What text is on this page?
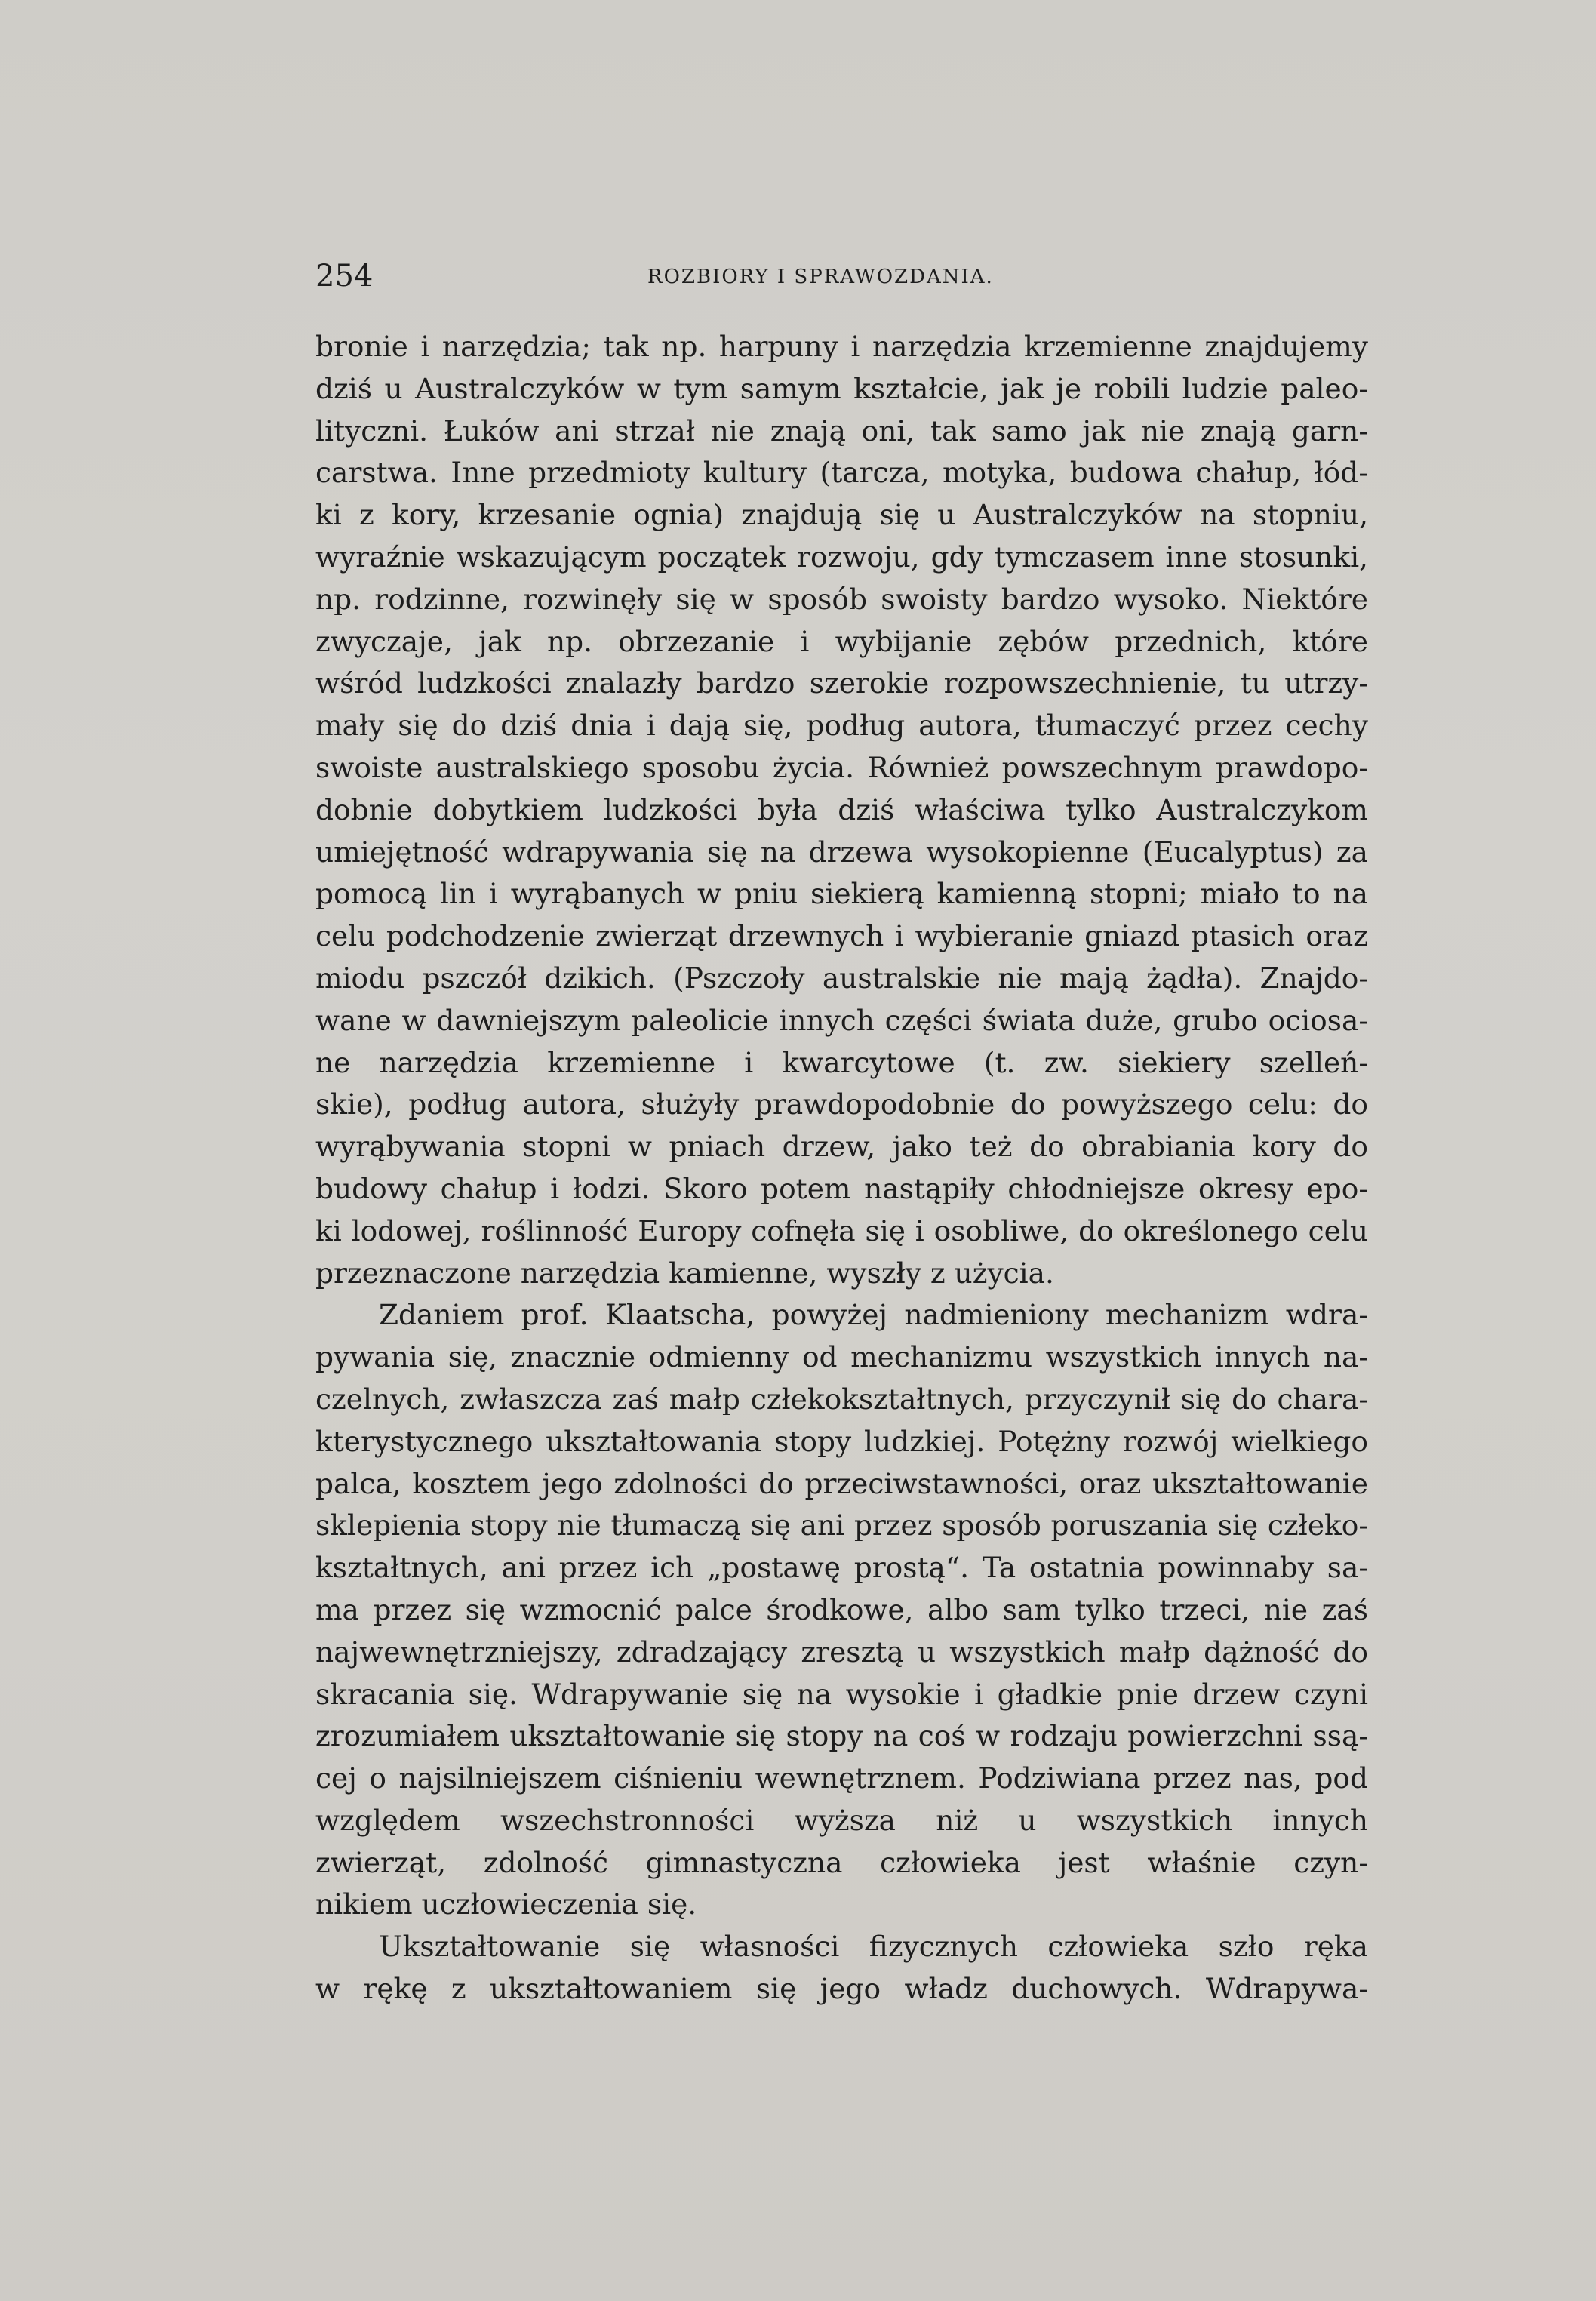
254	ROZBIORY I SPRAWOZDANIA.
bronie i narzędzia; tak np. harpuny i narzędzia krzemienne znajdujemy
dziś u Australczyków w tym samym kształcie, jak je robili ludzie paleo-
lityczni. Łuków ani strzał nie znają oni, tak samo jak nie znają garn-
carstwa. Inne przedmioty kultury (tarcza, motyka, budowa chałup, łód-
ki z kory, krzesanie ognia) znajdują się u Australczyków na stopniu,
wyraźnie wskazującym początek rozwoju, gdy tymczasem inne stosunki,
np. rodzinne, rozwinęły się w sposób swoisty bardzo wysoko. Niektóre
zwyczaje, jak np. obrzezanie i wybijanie zębów przednich, które
wśród ludzkości znalazły bardzo szerokie rozpowszechnienie, tu utrzy-
mały się do dziś dnia i dają się, podług autora, tłumaczyć przez cechy
swoiste australskiego sposobu życia. Również powszechnym prawdopo-
dobnie dobytkiem ludzkości była dziś właściwa tylko Australczykom
umiejętność wdrapywania się na drzewa wysokopienne (Eucalyptus) za
pomocą lin i wyrąbanych w pniu siekierą kamienną stopni; miało to na
celu podchodzenie zwierząt drzewnych i wybieranie gniazd ptasich oraz
miodu pszczół dzikich. (Pszczoły australskie nie mają żądła). Znajdo-
wane w dawniejszym paleolicie innych części świata duże, grubo ociosa-
ne narzędzia krzemienne i kwarcytowe (t. zw. siekiery szelleń-
skie), podług autora, służyły prawdopodobnie do powyższego celu: do
wyrąbywania stopni w pniach drzew, jako też do obrabiania kory do
budowy chałup i łodzi. Skoro potem nastąpiły chłodniejsze okresy epo-
ki lodowej, roślinność Europy cofnęła się i osobliwe, do określonego celu
przeznaczone narzędzia kamienne, wyszły z użycia.
Zdaniem prof. Klaatscha, powyżej nadmieniony mechanizm wdra-
pywania się, znacznie odmienny od mechanizmu wszystkich innych na-
czelnych, zwłaszcza zaś małp człekokształtnych, przyczynił się do chara-
kterystycznego ukształtowania stopy ludzkiej. Potężny rozwój wielkiego
palca, kosztem jego zdolności do przeciwstawności, oraz ukształtowanie
sklepienia stopy nie tłumaczą się ani przez sposób poruszania się człeko-
kształtnych, ani przez ich „postawę prostą“. Ta ostatnia powinnaby sa-
ma przez się wzmocnić palce środkowe, albo sam tylko trzeci, nie zaś
najwewnętrzniejszy, zdradzający zresztą u wszystkich małp dążność do
skracania się. Wdrapywanie się na wysokie i gładkie pnie drzew czyni
zrozumiałem ukształtowanie się stopy na coś w rodzaju powierzchni ssą-
cej o najsilniejszem ciśnieniu wewnętrznem. Podziwiana przez nas, pod
względem wszechstronności wyższa niż u wszystkich innych
zwierząt, zdolność gimnastyczna człowieka jest właśnie czyn-
nikiem uczłowieczenia się.
Ukształtowanie się własności fizycznych człowieka szło ręka
w rękę z ukształtowaniem się jego władz duchowych. Wdrapywa-
